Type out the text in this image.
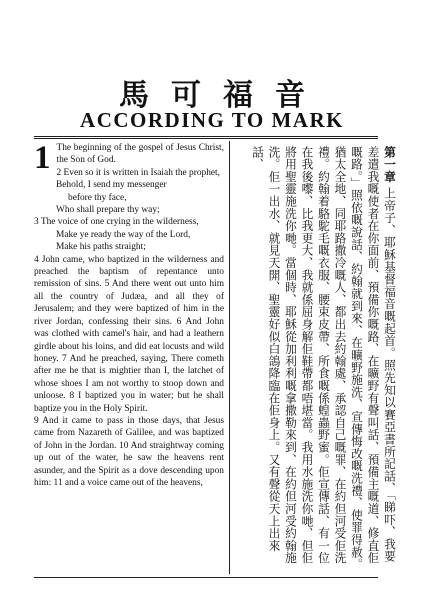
馬可福音
ACCORDING TO MARK

1 The beginning of the gospel of Jesus Christ, the Son of God.

2 Even so it is written in Isaiah the prophet,

Behold, I send my messenger

before thy face,

Who shall prepare thy way;

3 The voice of one crying in the wilderness,

Make ye ready the way of the Lord,

Make his paths straight;

4 John came, who baptized in the wilderness and preached the baptism of repentance unto remission of sins. 5 And there went out unto him all the country of Judæa, and all they of Jerusalem; and they were baptized of him in the river Jordan, confessing their sins. 6 And John was clothed with camel's hair, and had a leathern girdle about his loins, and did eat locusts and wild honey. 7 And he preached, saying, There cometh after me he that is mightier than I, the latchet of whose shoes I am not worthy to stoop down and unloose. 8 I baptized you in water; but he shall baptize you in the Holy Spirit.

9 And it came to pass in those days, that Jesus came from Nazareth of Galilee, and was baptized of John in the Jordan. 10 And straightway coming up out of the water, he saw the heavens rent asunder, and the Spirit as a dove descending upon him: 11 and a voice came out of the heavens,

第一章 上帝子、耶穌基督福音嘅起首。照先知以賽亞書所記話、「睇吓、我要差遣我嘅使者在你面前、預備你嘅路、在曠野有聲叫話、預備主嘅道、修直佢嘅路。」照依嘅說話、約翰就到來、在曠野施洗、宣傳悔改嘅洗禮、使罪得赦。猶太全地、同耶路撒冷嘅人、都出去約翰處、承認自己嘅罪、在約但河受佢洗禮。約翰着駱駝毛嘅衣服、腰束皮帶、所食嘅係蝗蟲野蜜。佢宣傳話、有一位在我後嚟、比我更大、我就係屈身解佢鞋帶都唔堪當。我用水施洗你哋、但佢將用聖靈施洗你哋。當個時、耶穌從加利利嘅拿撒勒來到、在約但河受約翰施洗。佢一出水、就見天開、聖靈好似白鴿降臨在佢身上。又有聲從天上出來話、
